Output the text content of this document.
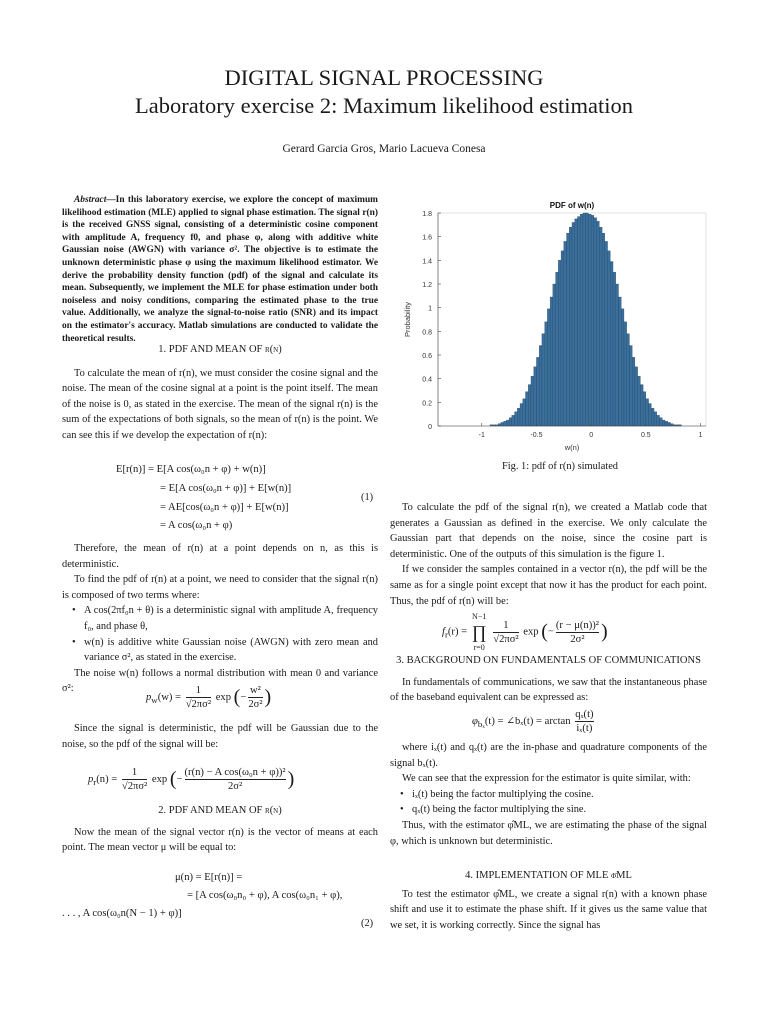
DIGITAL SIGNAL PROCESSING
Laboratory exercise 2: Maximum likelihood estimation
Gerard Garcia Gros, Mario Lacueva Conesa

Abstract—In this laboratory exercise, we explore the concept of maximum likelihood estimation (MLE) applied to signal phase estimation. The signal r(n) is the received GNSS signal, consisting of a deterministic cosine component with amplitude A, frequency f0, and phase φ, along with additive white Gaussian noise (AWGN) with variance σ². The objective is to estimate the unknown deterministic phase φ using the maximum likelihood estimator. We derive the probability density function (pdf) of the signal and calculate its mean. Subsequently, we implement the MLE for phase estimation under both noiseless and noisy conditions, comparing the estimated phase to the true value. Additionally, we analyze the signal-to-noise ratio (SNR) and its impact on the estimator's accuracy. Matlab simulations are conducted to validate the theoretical results.

1. PDF AND MEAN OF r(n)

To calculate the mean of r(n), we must consider the cosine signal and the noise. The mean of the cosine signal at a point is the point itself. The mean of the noise is 0, as stated in the exercise. The mean of the signal r(n) is the sum of the expectations of both signals, so the mean of r(n) is the point. We can see this if we develop the expectation of r(n):

E[r(n)] = E[A cos(ω₀n + φ) + w(n)]
= E[A cos(ω₀n + φ)] + E[w(n)]
= AE[cos(ω₀n + φ)] + E[w(n)]
= A cos(ω₀n + φ)
(1)

Therefore, the mean of r(n) at a point depends on n, as this is deterministic.

To find the pdf of r(n) at a point, we need to consider that the signal r(n) is composed of two terms where:

• A cos(2πf₀n + θ) is a deterministic signal with amplitude A, frequency f₀, and phase θ,

• w(n) is additive white Gaussian noise (AWGN) with zero mean and variance σ², as stated in the exercise.

The noise w(n) follows a normal distribution with mean 0 and variance σ²:

$p_w(w) = \frac{1}{\text{√2πσ²}}$ exp (− $\frac{\text{w²}}{\text{2σ²}}$ )

Since the signal is deterministic, the pdf will be Gaussian due to the noise, so the pdf of the signal will be:

$p_r(n) = \frac{1}{\text{√2πσ²}}$ exp (− $\frac{\text{(r(n) − A cos(ω₀n + φ))²}}{\text{2σ²}}$ )

2. PDF AND MEAN OF r(n)

Now the mean of the signal vector r(n) is the vector of means at each point. The mean vector μ will be equal to:

μ(n) = E[r(n)] =
= [A cos(ω₀n₀ + φ), A cos(ω₀n₁ + φ),
. . . , A cos(ω₀n(N − 1) + φ)]
(2)
0
0.2
0.4
0.6
0.8
1
1.2
1.4
1.6
1.8
-1	-0.5	0	0.5	1
PDF of w(n)
w(n)
Probability
Fig. 1: pdf of r(n) simulated

To calculate the pdf of the signal r(n), we created a Matlab code that generates a Gaussian as defined in the exercise. We only calculate the Gaussian part that depends on the noise, since the cosine part is deterministic. One of the outputs of this simulation is the figure 1.

If we consider the samples contained in a vector r(n), the pdf will be the same as for a single point except that now it has the product for each point. Thus, the pdf of r(n) will be:

$f_r(r)$ =
N−1
∏
r=0

$\frac{1}{\text{√2πσ²}}$ exp (− $\frac{\text{(r − μ(n))²}}{\text{2σ²}}$ )

3. BACKGROUND ON FUNDAMENTALS OF COMMUNICATIONS

In fundamentals of communications, we saw that the instantaneous phase of the baseband equivalent can be expressed as:

$\varphi_{b_x}(t)$ = ∠bₓ(t) = $\arctan \frac{\text{qₓ(t)}}{\text{iₓ(t)}}$

where iₓ(t) and qₓ(t) are the in-phase and quadrature components of the signal bₓ(t).

We can see that the expression for the estimator is quite similar, with:

• iₓ(t) being the factor multiplying the cosine.

• qₓ(t) being the factor multiplying the sine.

Thus, with the estimator φ̂ML, we are estimating the phase of the signal φ, which is unknown but deterministic.

4. IMPLEMENTATION OF MLE φ̂ML

To test the estimator φ̂ML, we create a signal r(n) with a known phase shift and use it to estimate the phase shift. If it gives us the same value that we set, it is working correctly. Since the signal has
